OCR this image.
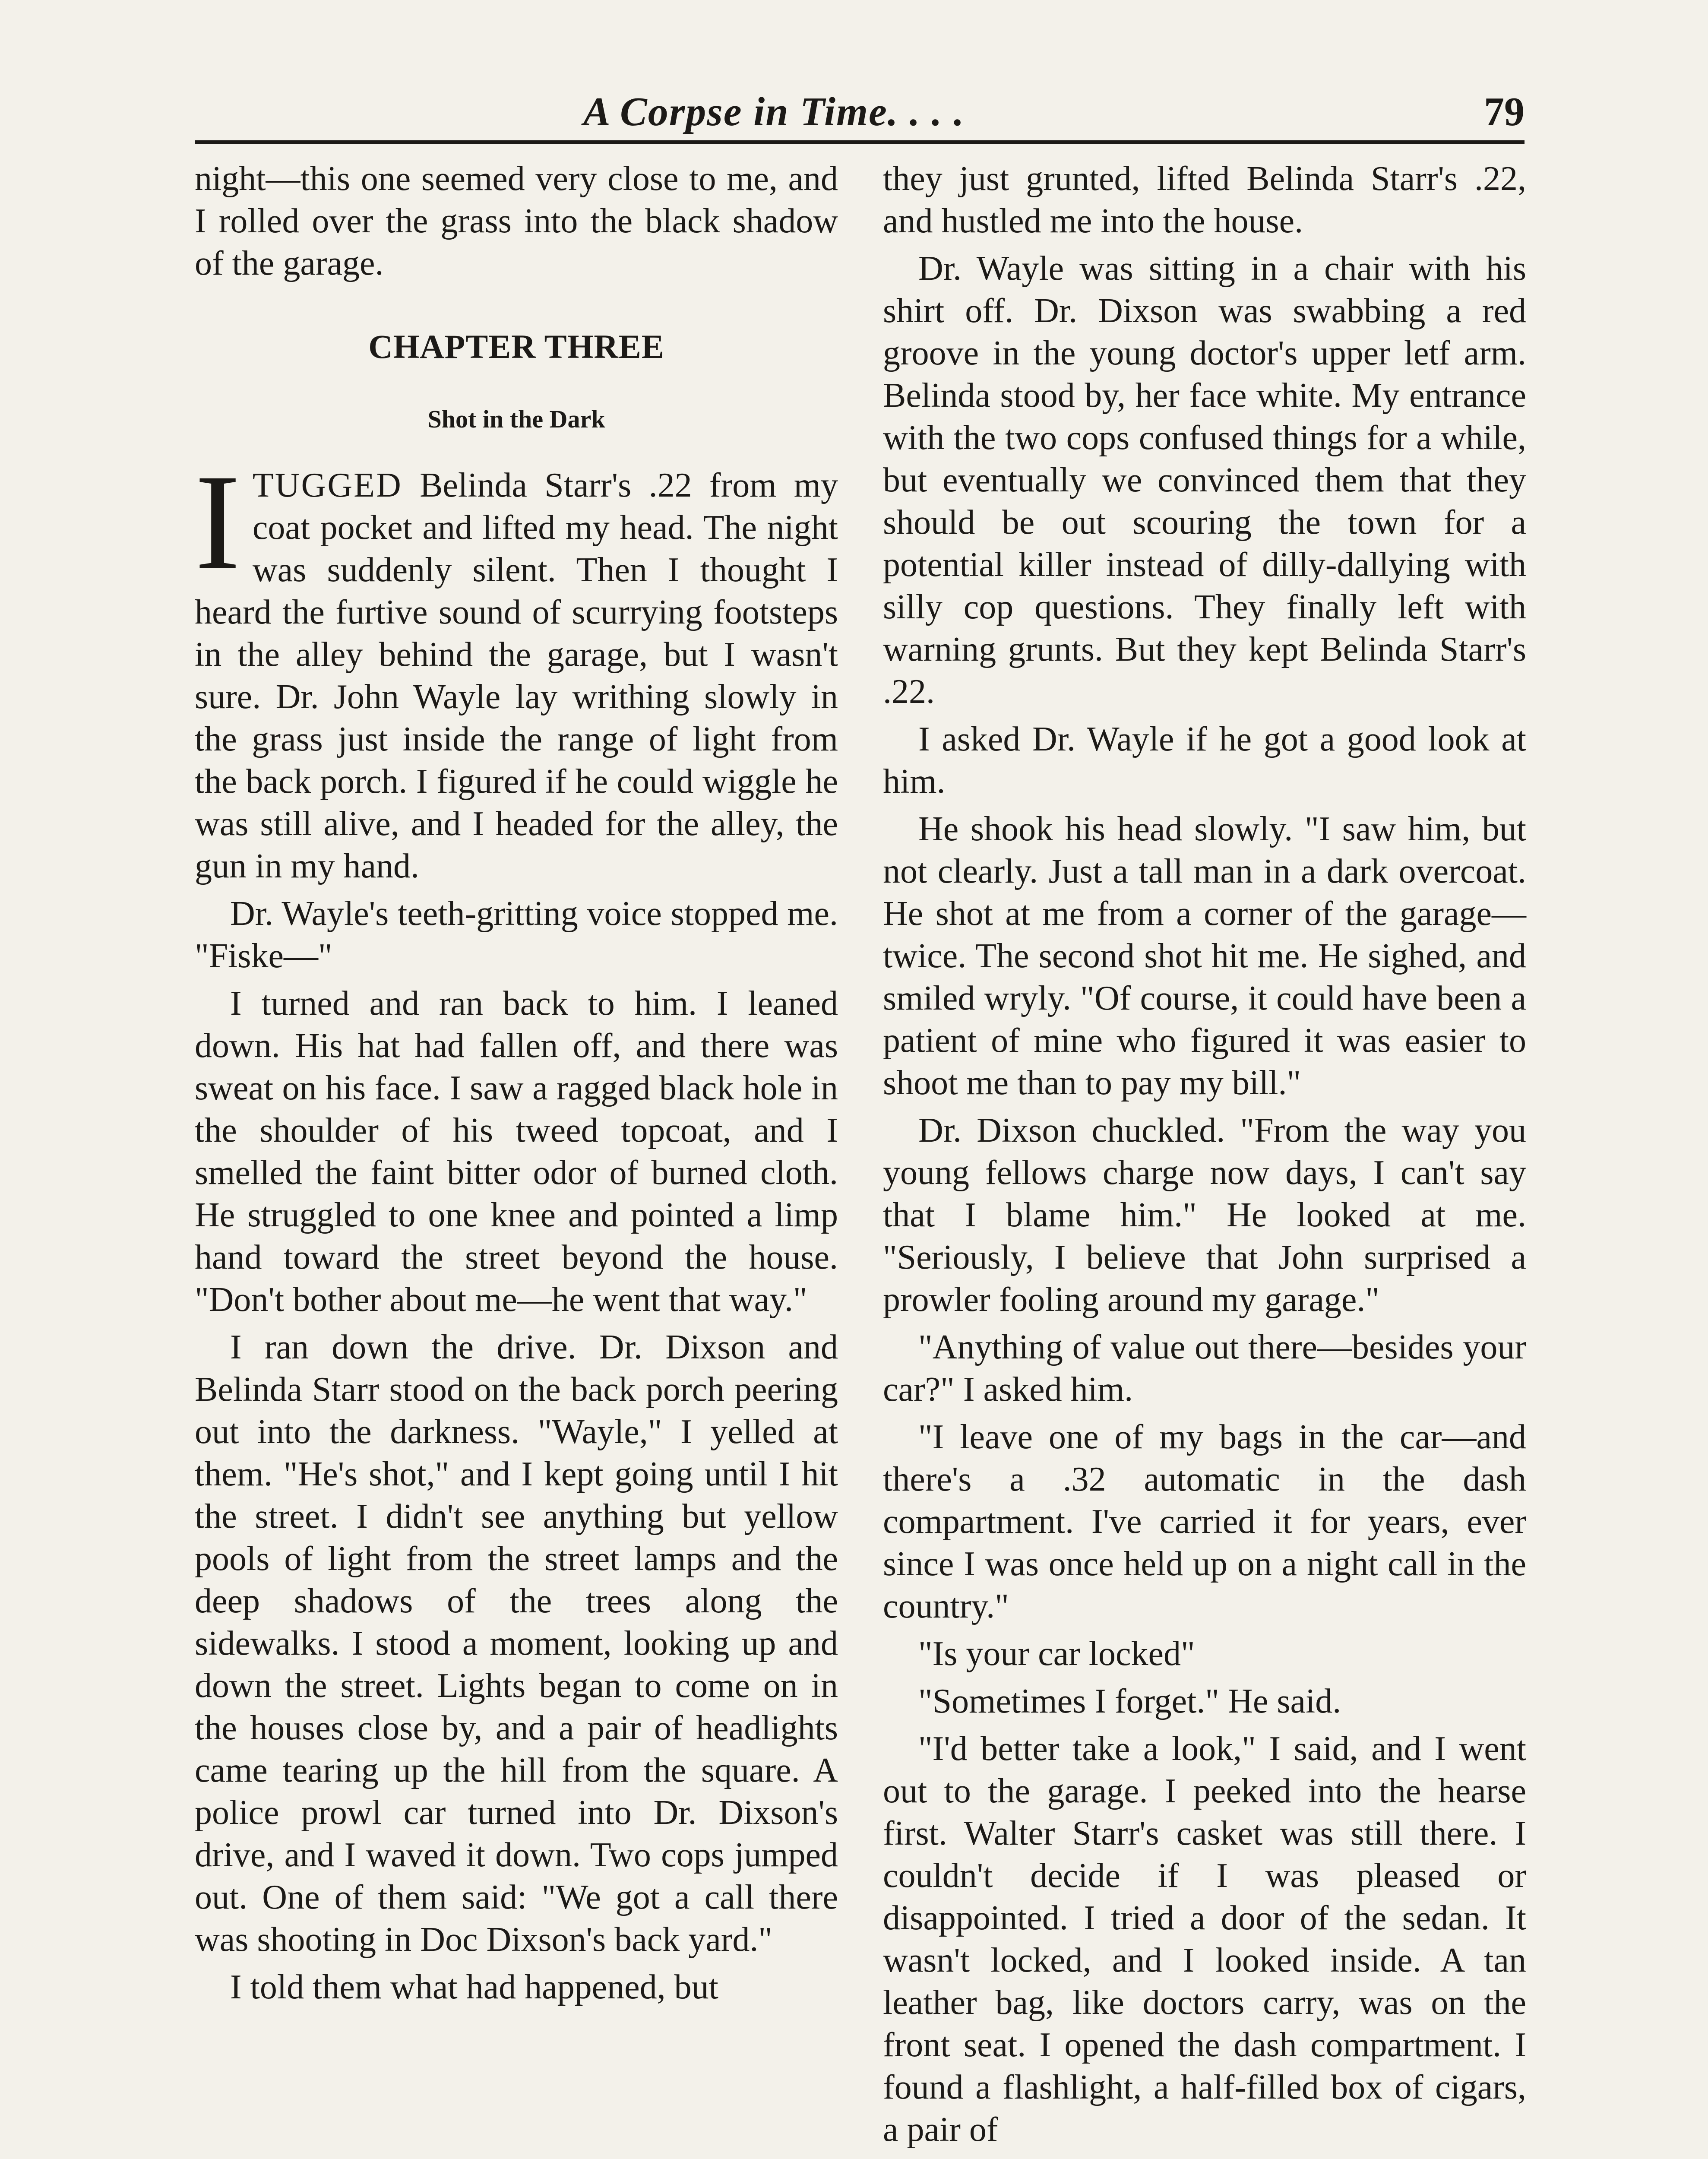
A Corpse in Time. . . .	79

night—this one seemed very close to me, and I rolled over the grass into the black shadow of the garage.

CHAPTER THREE
Shot in the Dark

ITUGGED Belinda Starr's .22 from my coat pocket and lifted my head. The night was suddenly silent. Then I thought I heard the furtive sound of scurrying footsteps in the alley behind the garage, but I wasn't sure. Dr. John Wayle lay writhing slowly in the grass just inside the range of light from the back porch. I figured if he could wiggle he was still alive, and I headed for the alley, the gun in my hand.

Dr. Wayle's teeth-gritting voice stopped me. "Fiske—"

I turned and ran back to him. I leaned down. His hat had fallen off, and there was sweat on his face. I saw a ragged black hole in the shoulder of his tweed topcoat, and I smelled the faint bitter odor of burned cloth. He struggled to one knee and pointed a limp hand toward the street beyond the house. "Don't bother about me—he went that way."

I ran down the drive. Dr. Dixson and Belinda Starr stood on the back porch peering out into the darkness. "Wayle," I yelled at them. "He's shot," and I kept going until I hit the street. I didn't see anything but yellow pools of light from the street lamps and the deep shadows of the trees along the sidewalks. I stood a moment, looking up and down the street. Lights began to come on in the houses close by, and a pair of headlights came tearing up the hill from the square. A police prowl car turned into Dr. Dixson's drive, and I waved it down. Two cops jumped out. One of them said: "We got a call there was shooting in Doc Dixson's back yard."

I told them what had happened, but

they just grunted, lifted Belinda Starr's .22, and hustled me into the house.

Dr. Wayle was sitting in a chair with his shirt off. Dr. Dixson was swabbing a red groove in the young doctor's upper letf arm. Belinda stood by, her face white. My entrance with the two cops confused things for a while, but eventually we convinced them that they should be out scouring the town for a potential killer instead of dilly-dallying with silly cop questions. They finally left with warning grunts. But they kept Belinda Starr's .22.

I asked Dr. Wayle if he got a good look at him.

He shook his head slowly. "I saw him, but not clearly. Just a tall man in a dark overcoat. He shot at me from a corner of the garage—twice. The second shot hit me. He sighed, and smiled wryly. "Of course, it could have been a patient of mine who figured it was easier to shoot me than to pay my bill."

Dr. Dixson chuckled. "From the way you young fellows charge now days, I can't say that I blame him." He looked at me. "Seriously, I believe that John surprised a prowler fooling around my garage."

"Anything of value out there—besides your car?" I asked him.

"I leave one of my bags in the car—and there's a .32 automatic in the dash compartment. I've carried it for years, ever since I was once held up on a night call in the country."

"Is your car locked"

"Sometimes I forget." He said.

"I'd better take a look," I said, and I went out to the garage. I peeked into the hearse first. Walter Starr's casket was still there. I couldn't decide if I was pleased or disappointed. I tried a door of the sedan. It wasn't locked, and I looked inside. A tan leather bag, like doctors carry, was on the front seat. I opened the dash compartment. I found a flashlight, a half-filled box of cigars, a pair of
